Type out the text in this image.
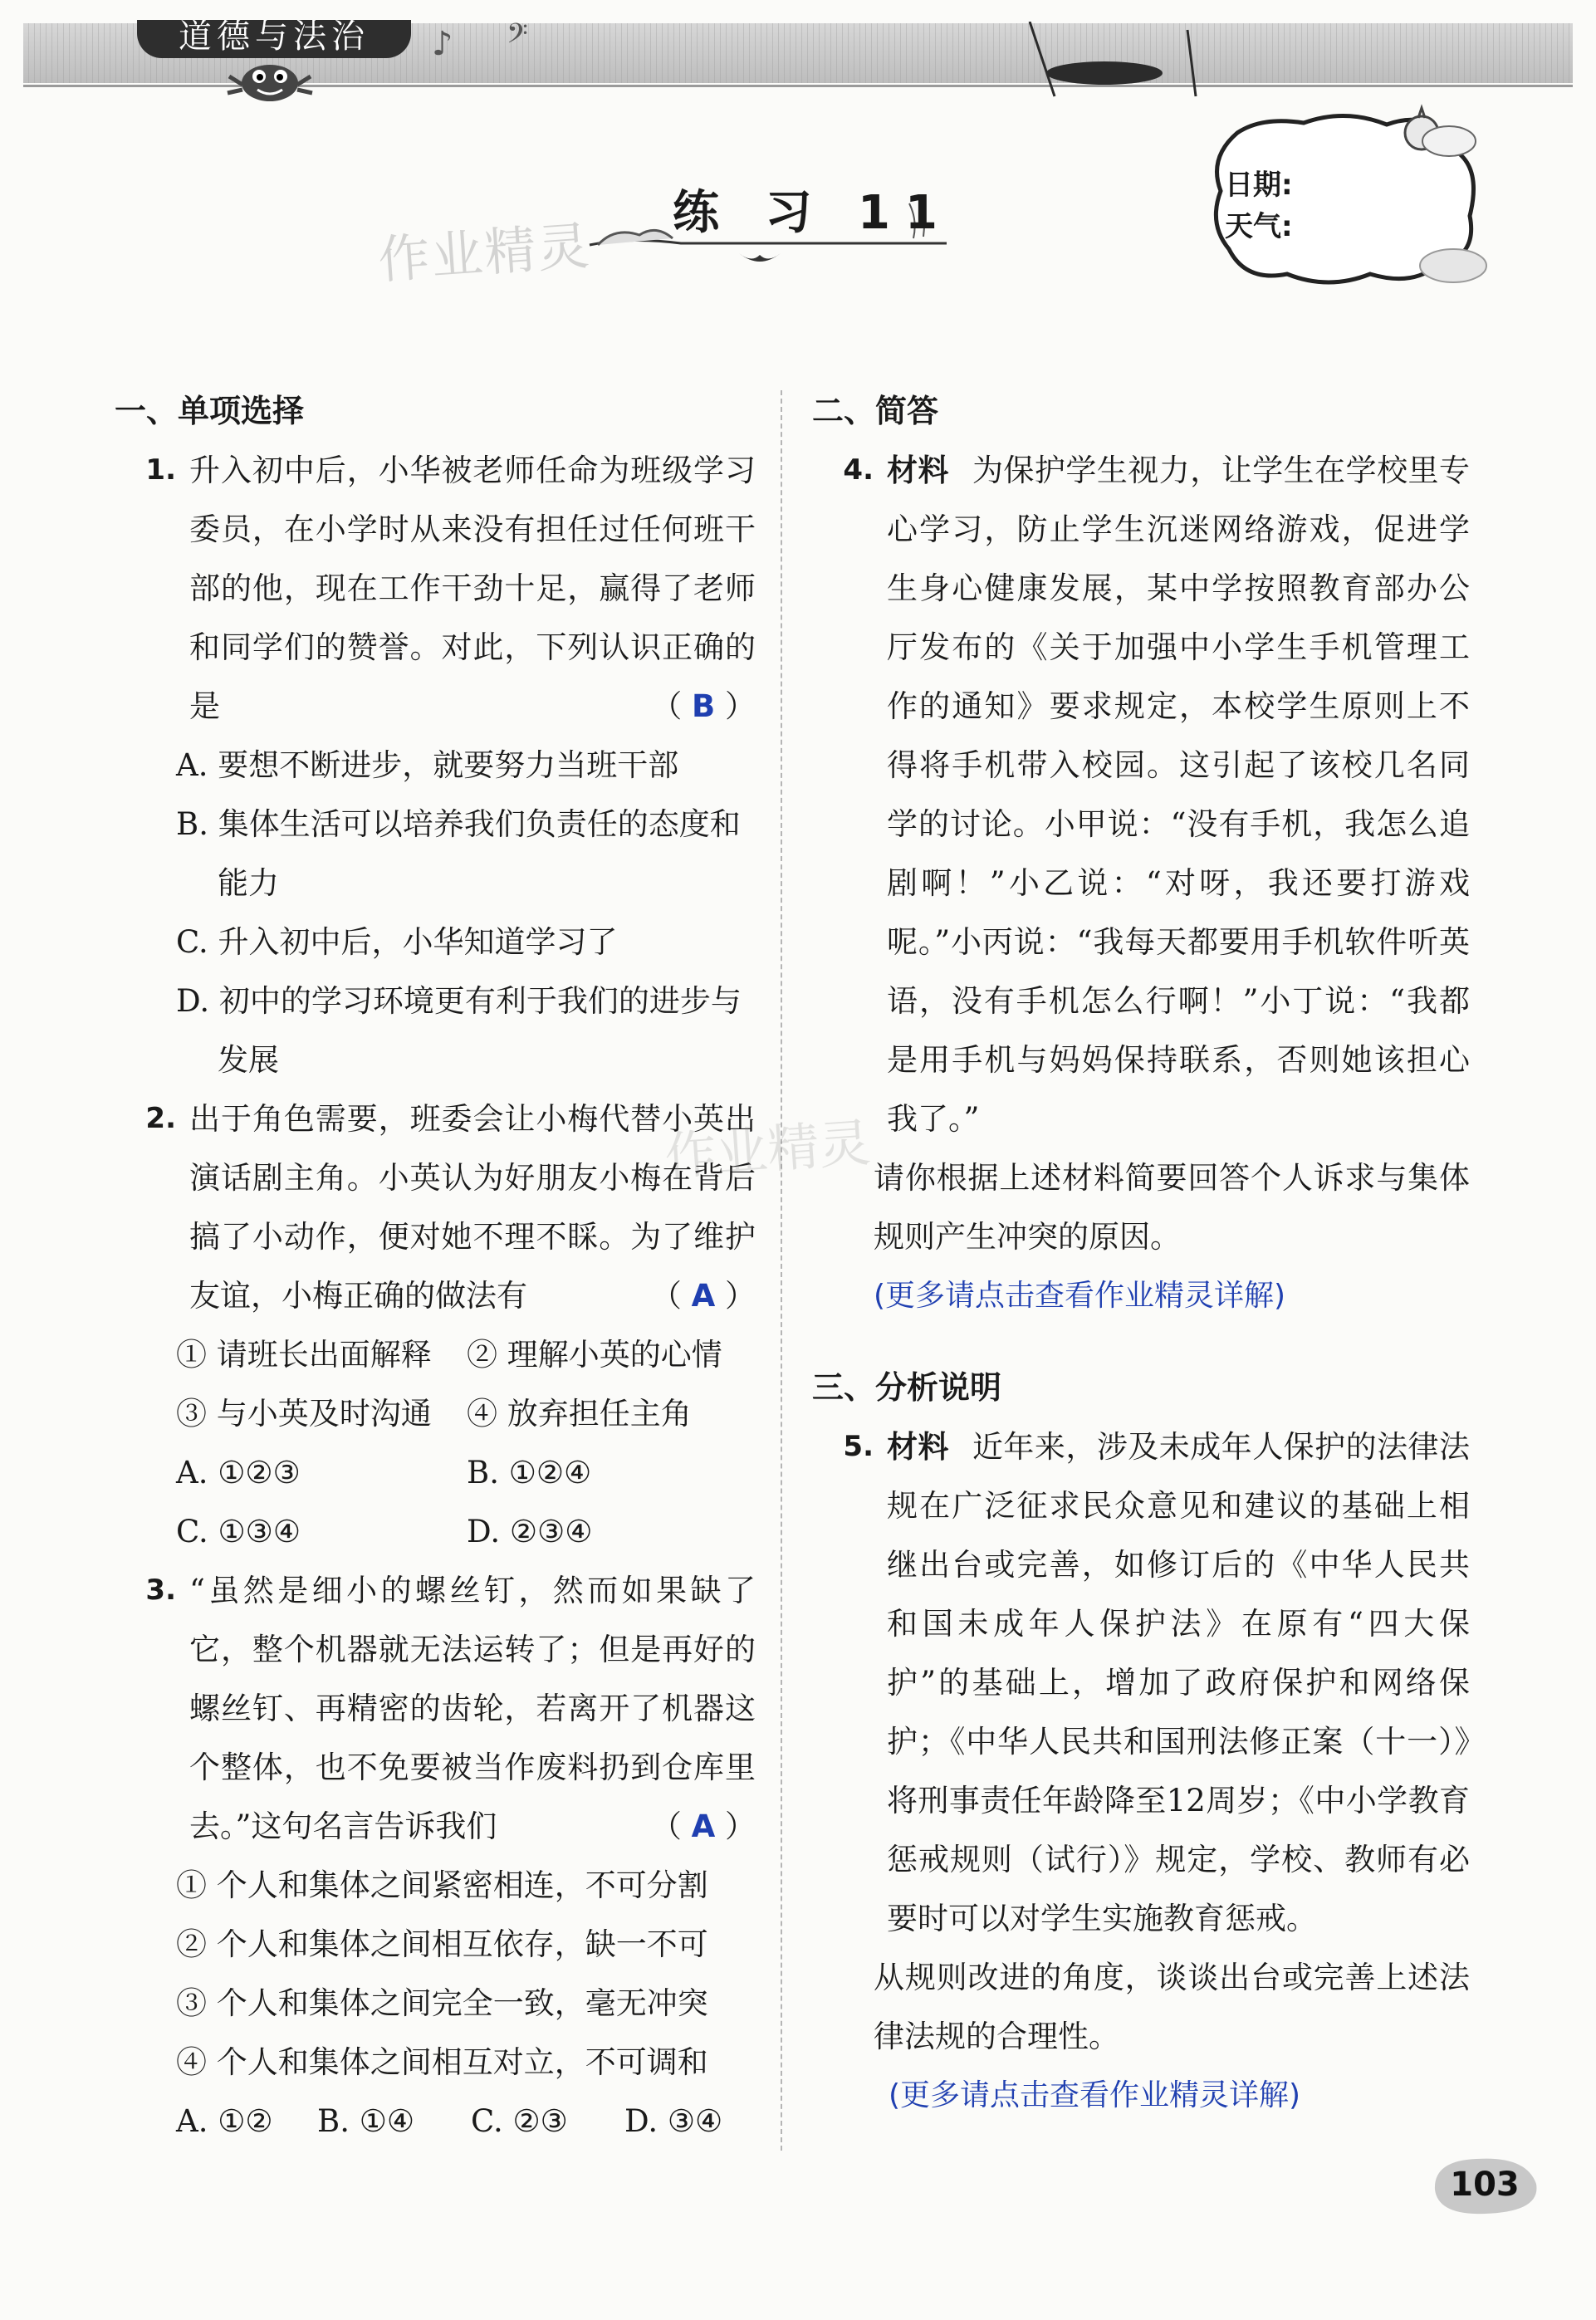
道德与法治	♪ 𝄢
作业精灵
练 习 11
日期:
天气:
一、单项选择
1. 升入初中后，小华被老师任命为班级学习委员，在小学时从来没有担任过任何班干部的他，现在工作干劲十足，赢得了老师和同学们的赞誉。对此，下列认识正确的是	（ B ）
A. 要想不断进步，就要努力当班干部
B. 集体生活可以培养我们负责任的态度和能力
C. 升入初中后，小华知道学习了
D. 初中的学习环境更有利于我们的进步与发展
2. 出于角色需要，班委会让小梅代替小英出演话剧主角。小英认为好朋友小梅在背后搞了小动作，便对她不理不睬。为了维护友谊，小梅正确的做法有	（ A ）
① 请班长出面解释	② 理解小英的心情
③ 与小英及时沟通	④ 放弃担任主角
A. ①②③	B. ①②④
C. ①③④	D. ②③④
3. “虽然是细小的螺丝钉，然而如果缺了它，整个机器就无法运转了；但是再好的螺丝钉、再精密的齿轮，若离开了机器这个整体，也不免要被当作废料扔到仓库里去。”这句名言告诉我们	（ A ）
① 个人和集体之间紧密相连，不可分割
② 个人和集体之间相互依存，缺一不可
③ 个人和集体之间完全一致，毫无冲突
④ 个人和集体之间相互对立，不可调和
A. ①②	B. ①④	C. ②③	D. ③④
作业精灵
二、简答
4. 材料 为保护学生视力，让学生在学校里专心学习，防止学生沉迷网络游戏，促进学生身心健康发展，某中学按照教育部办公厅发布的《关于加强中小学生手机管理工作的通知》要求规定，本校学生原则上不得将手机带入校园。这引起了该校几名同学的讨论。小甲说：“没有手机，我怎么追剧啊！”小乙说：“对呀，我还要打游戏呢。”小丙说：“我每天都要用手机软件听英语，没有手机怎么行啊！”小丁说：“我都是用手机与妈妈保持联系，否则她该担心我了。”
请你根据上述材料简要回答个人诉求与集体规则产生冲突的原因。
(更多请点击查看作业精灵详解)
三、分析说明
5. 材料 近年来，涉及未成年人保护的法律法规在广泛征求民众意见和建议的基础上相继出台或完善，如修订后的《中华人民共和国未成年人保护法》在原有“四大保护”的基础上，增加了政府保护和网络保护；《中华人民共和国刑法修正案（十一）》将刑事责任年龄降至12周岁；《中小学教育惩戒规则（试行）》规定，学校、教师有必要时可以对学生实施教育惩戒。
从规则改进的角度，谈谈出台或完善上述法律法规的合理性。
(更多请点击查看作业精灵详解)
103
